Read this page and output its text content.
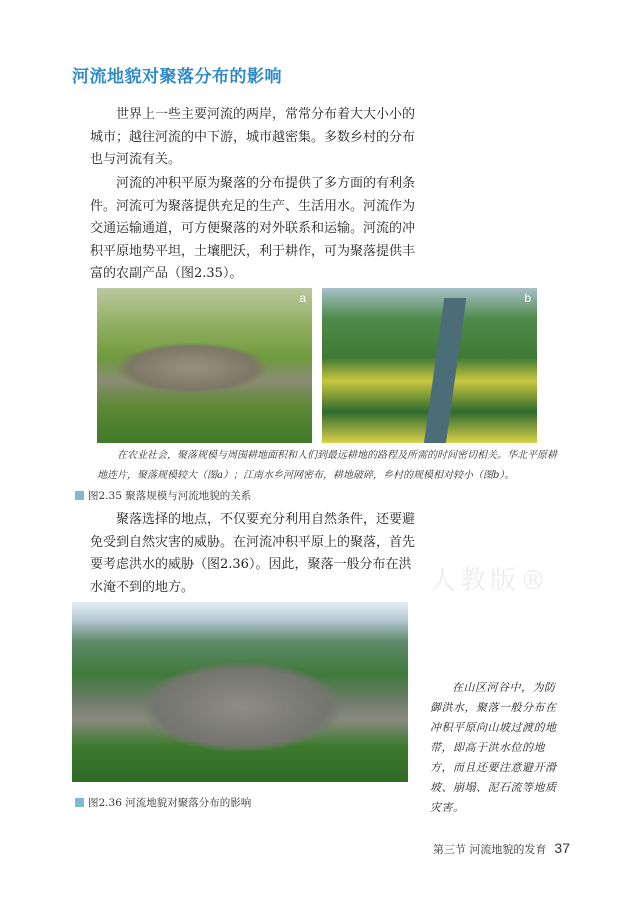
人教版®
河流地貌对聚落分布的影响

世界上一些主要河流的两岸，常常分布着大大小小的城市；越往河流的中下游，城市越密集。多数乡村的分布也与河流有关。

河流的冲积平原为聚落的分布提供了多方面的有利条件。河流可为聚落提供充足的生产、生活用水。河流作为交通运输通道，可方便聚落的对外联系和运输。河流的冲积平原地势平坦，土壤肥沃，利于耕作，可为聚落提供丰富的农副产品（图2.35）。

a	b

在农业社会，聚落规模与周围耕地面积和人们到最远耕地的路程及所需的时间密切相关。华北平原耕地连片，聚落规模较大（图a）；江南水乡河网密布，耕地破碎，乡村的规模相对较小（图b）。

图2.35 聚落规模与河流地貌的关系

聚落选择的地点，不仅要充分利用自然条件，还要避免受到自然灾害的威胁。在河流冲积平原上的聚落，首先要考虑洪水的威胁（图2.36）。因此，聚落一般分布在洪水淹不到的地方。

在山区河谷中，为防御洪水，聚落一般分布在冲积平原向山坡过渡的地带，即高于洪水位的地方，而且还要注意避开滑坡、崩塌、泥石流等地质灾害。

图2.36 河流地貌对聚落分布的影响
第三节 河流地貌的发育 37
